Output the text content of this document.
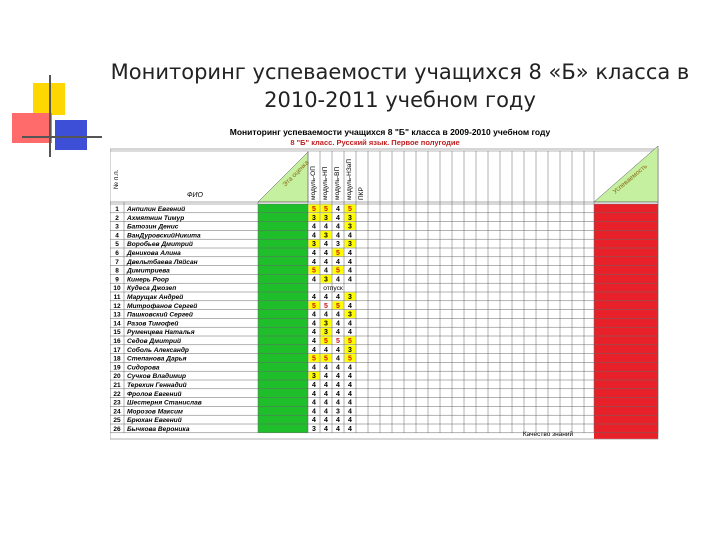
Мониторинг успеваемости учащихся 8 «Б» класса в
2010-2011 учебном году
Мониторинг успеваемости учащихся 8 "Б" класса в 2009-2010 учебном году
8 "Б" класс. Русский язык. Первое полугодие
Эта оценка	Успеваемость
№ п.п.
ФИО	модуль-ОП модуль-НП модуль-ВП модуль-НЗаП ПКР
1 Анпилин Евгений	5 5 4 5
2 Ахмятнин Тимур	3 3 4 3
3 Батозин Денис	4 4 4 3
4 ВанДуровскийНикита	4 3 4 4
5 Воробьев Дмитрий	3 4 3 3
6 Деникова Алина	4 4 5 4
7 Двельтбаева Ляйсан	4 4 4 4
8 Димитриева	5 4 5 4
9 Кинерь Роор	4 3 4 4
10 Кудеса Джозеп	отпуск
11 Марущак Андрей	4 4 4 3
12 Митрофанов Сергей	5 5 5 4
13 Пашковский Сергей	4 4 4 3
14 Разов Тимофей	4 3 4 4
15 Руменцева Наталья	4 3 4 4
16 Седов Дмитрий	4 5 5 5
17 Соболь Александр	4 4 4 3
18 Степанова Дарья	5 5 4 5
19 Сидорова	4 4 4 4
20 Сучков Владимир	3 4 4 4
21 Терехин Геннадий	4 4 4 4
22 Фролов Евгений	4 4 4 4
23 Шестерня Станислав	4 4 4 4
24 Морозов Максим	4 4 3 4
25 Брюхан Евгений	4 4 4 4
26 Бычкова Вероника	3 4 4 4
Качество знаний
